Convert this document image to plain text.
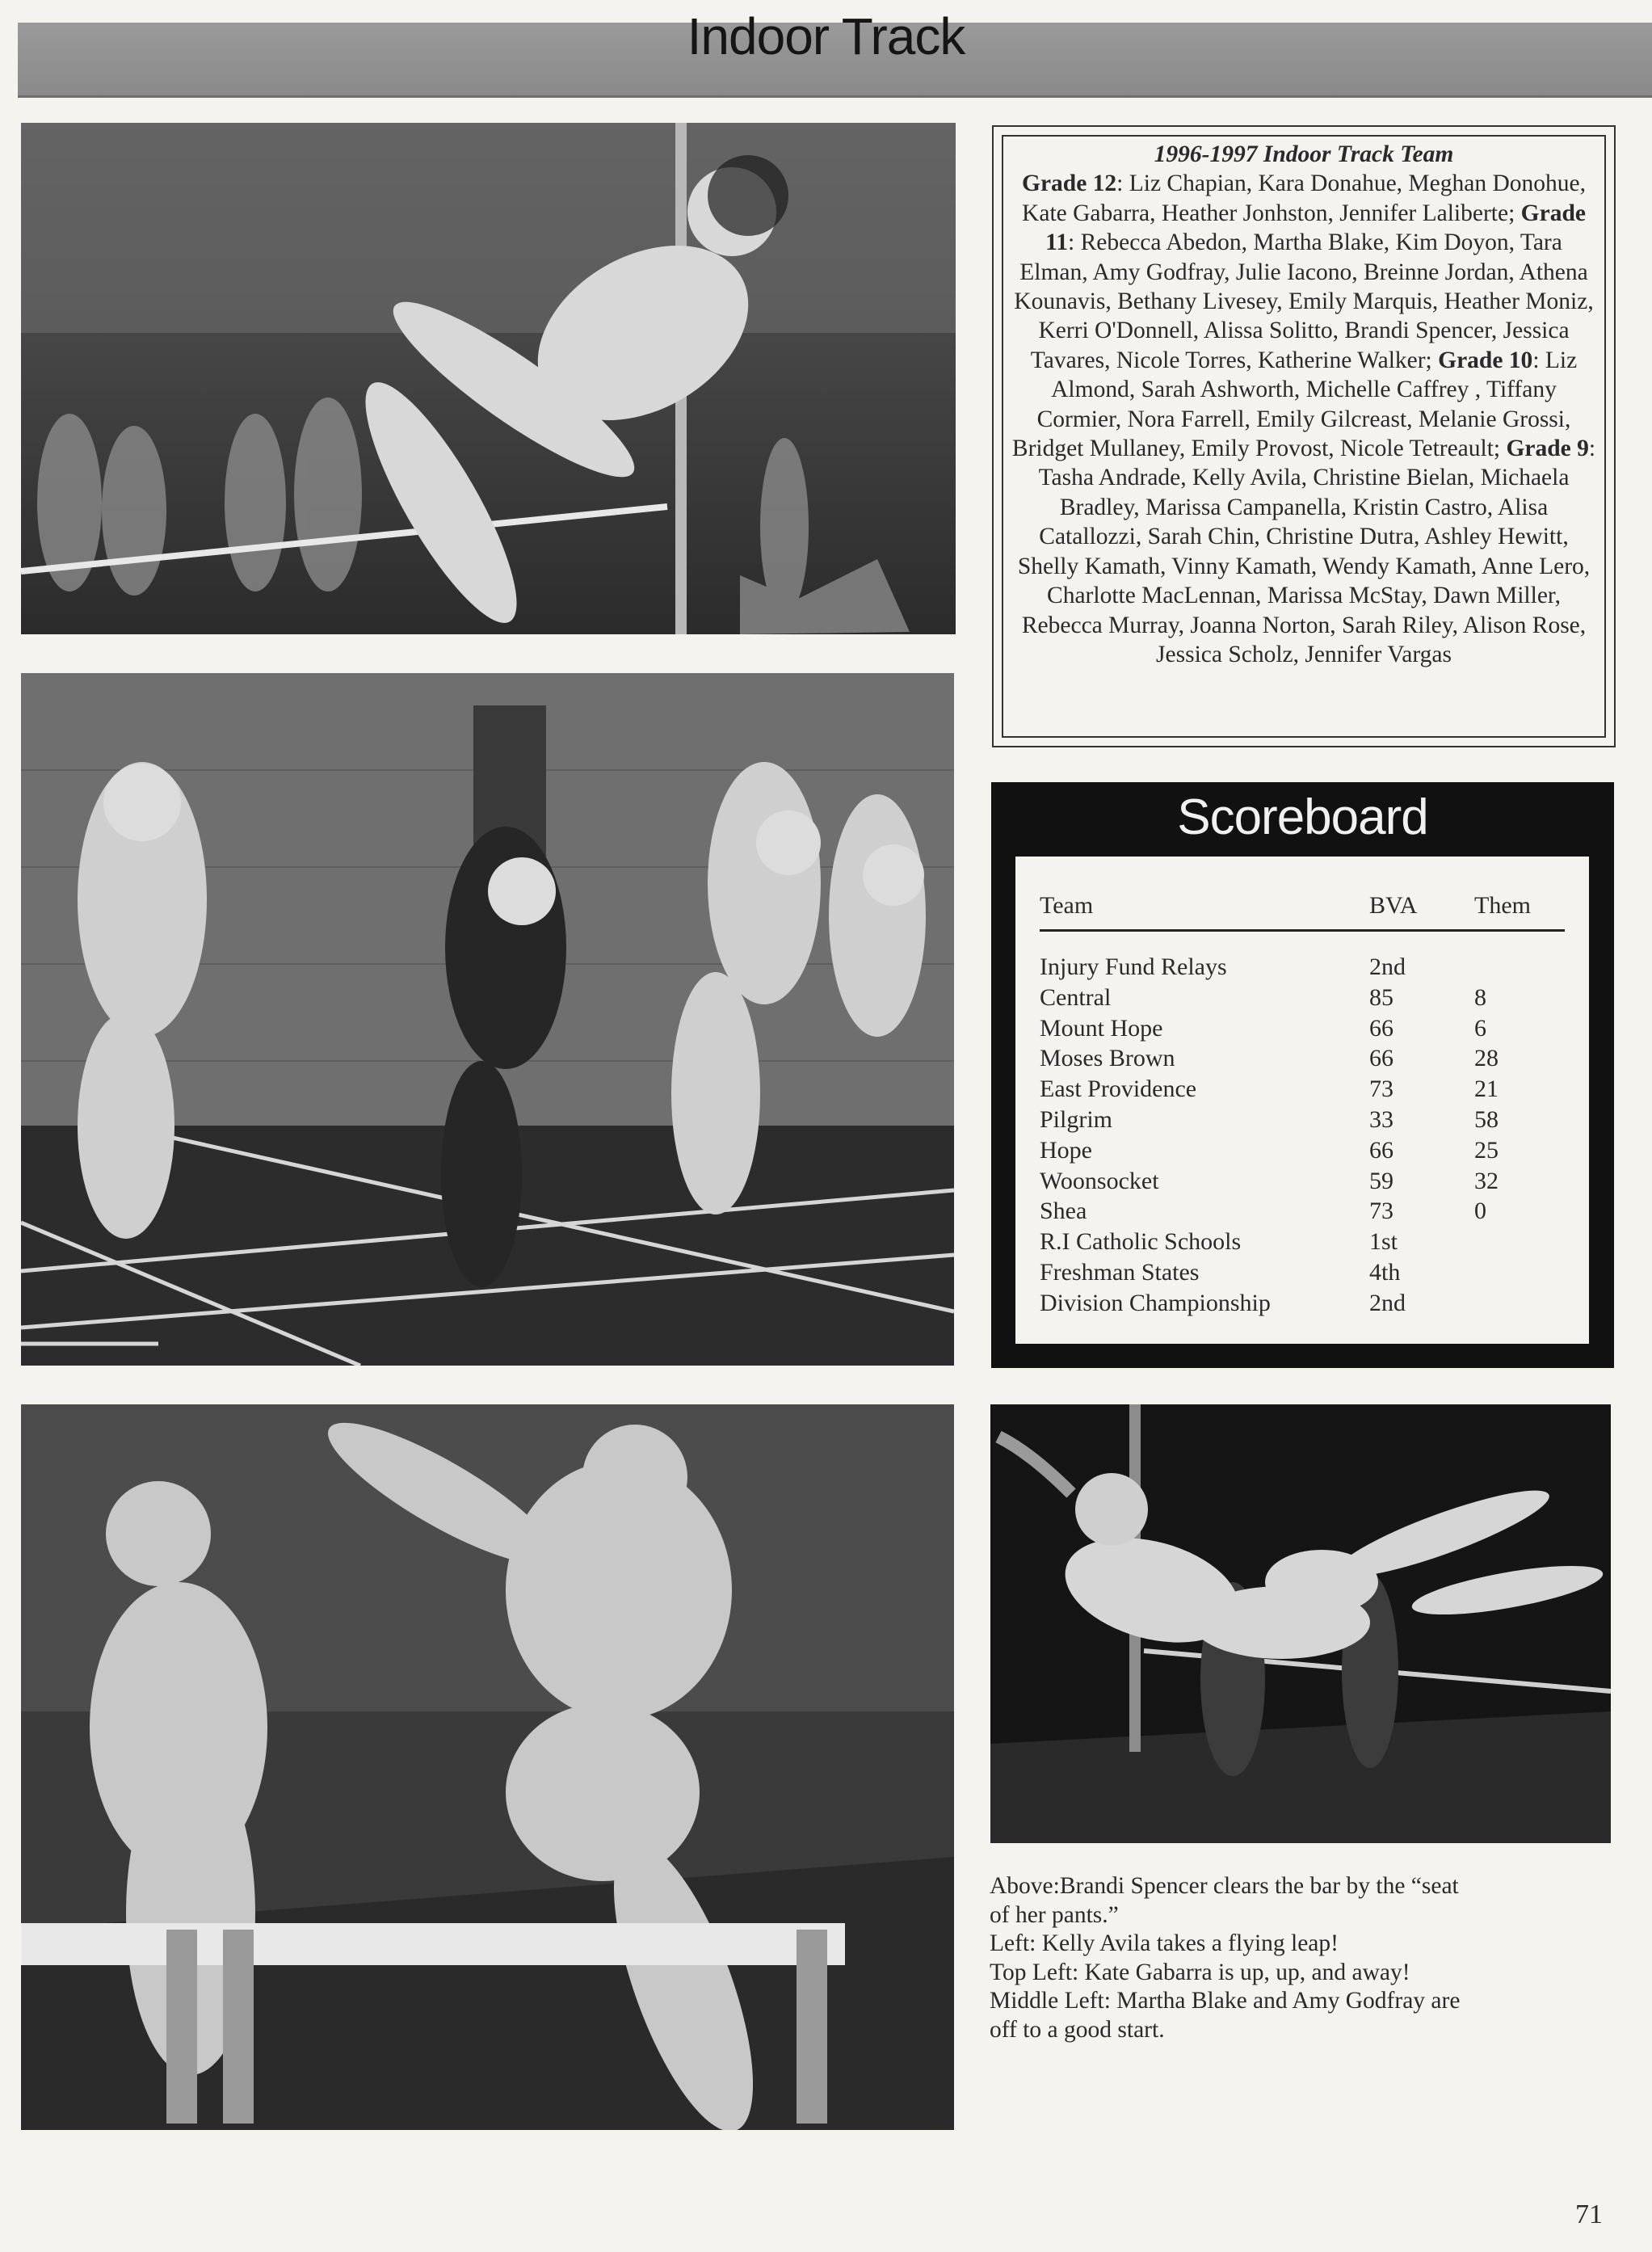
Indoor Track
1996-1997 Indoor Track Team
Grade 12: Liz Chapian, Kara Donahue, Meghan Donohue, Kate Gabarra, Heather Jonhston, Jennifer Laliberte; Grade 11: Rebecca Abedon, Martha Blake, Kim Doyon, Tara Elman, Amy Godfray, Julie Iacono, Breinne Jordan, Athena Kounavis, Bethany Livesey, Emily Marquis, Heather Moniz, Kerri O'Donnell, Alissa Solitto, Brandi Spencer, Jessica Tavares, Nicole Torres, Katherine Walker; Grade 10: Liz Almond, Sarah Ashworth, Michelle Caffrey , Tiffany Cormier, Nora Farrell, Emily Gilcreast, Melanie Grossi, Bridget Mullaney, Emily Provost, Nicole Tetreault; Grade 9: Tasha Andrade, Kelly Avila, Christine Bielan, Michaela Bradley, Marissa Campanella, Kristin Castro, Alisa Catallozzi, Sarah Chin, Christine Dutra, Ashley Hewitt, Shelly Kamath, Vinny Kamath, Wendy Kamath, Anne Lero, Charlotte MacLennan, Marissa McStay, Dawn Miller, Rebecca Murray, Joanna Norton, Sarah Riley, Alison Rose, Jessica Scholz, Jennifer Vargas
Scoreboard
Team	BVA Them
Injury Fund Relays	2nd
Central	85	8
Mount Hope	66	6
Moses Brown	66	28
East Providence	73	21
Pilgrim	33	58
Hope	66	25
Woonsocket	59	32
Shea	73	0
R.I Catholic Schools	1st
Freshman States	4th
Division Championship	2nd
Above:Brandi Spencer clears the bar by the “seat
of her pants.”
Left: Kelly Avila takes a flying leap!
Top Left: Kate Gabarra is up, up, and away!
Middle Left: Martha Blake and Amy Godfray are
off to a good start.
71
